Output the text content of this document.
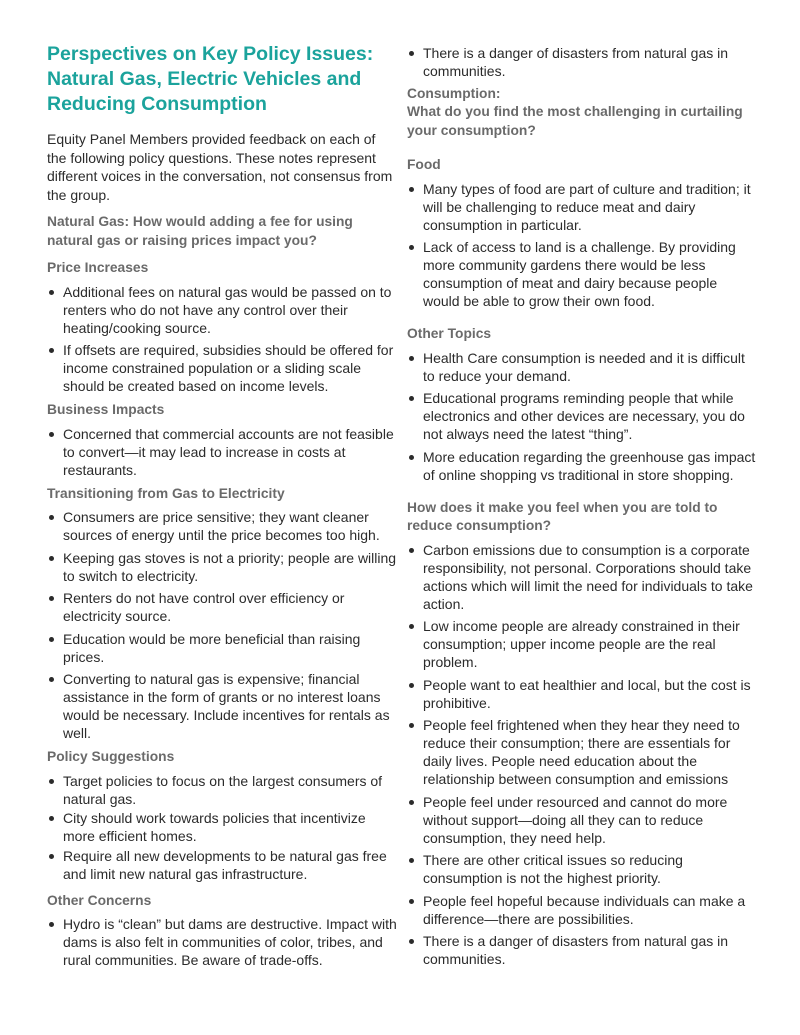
Perspectives on Key Policy Issues: Natural Gas, Electric Vehicles and Reducing Consumption

Equity Panel Members provided feedback on each of the following policy questions. These notes represent different voices in the conversation, not consensus from the group.

Natural Gas: How would adding a fee for using natural gas or raising prices impact you?
Price Increases
Additional fees on natural gas would be passed on to renters who do not have any control over their heating/cooking source.
If offsets are required, subsidies should be offered for income constrained population or a sliding scale should be created based on income levels.
Business Impacts
Concerned that commercial accounts are not feasible to convert—it may lead to increase in costs at restaurants.
Transitioning from Gas to Electricity
Consumers are price sensitive; they want cleaner sources of energy until the price becomes too high.
Keeping gas stoves is not a priority; people are willing to switch to electricity.
Renters do not have control over efficiency or electricity source.
Education would be more beneficial than raising prices.
Converting to natural gas is expensive; financial assistance in the form of grants or no interest loans would be necessary. Include incentives for rentals as well.
Policy Suggestions
Target policies to focus on the largest consumers of natural gas.
City should work towards policies that incentivize more efficient homes.
Require all new developments to be natural gas free and limit new natural gas infrastructure.
Other Concerns
Hydro is “clean” but dams are destructive. Impact with dams is also felt in communities of color, tribes, and rural communities. Be aware of trade-offs.
There is a danger of disasters from natural gas in communities.
Consumption:
What do you find the most challenging in curtailing your consumption?
Food
Many types of food are part of culture and tradition; it will be challenging to reduce meat and dairy consumption in particular.
Lack of access to land is a challenge. By providing more community gardens there would be less consumption of meat and dairy because people would be able to grow their own food.
Other Topics
Health Care consumption is needed and it is difficult to reduce your demand.
Educational programs reminding people that while electronics and other devices are necessary, you do not always need the latest “thing”.
More education regarding the greenhouse gas impact of online shopping vs traditional in store shopping.
How does it make you feel when you are told to reduce consumption?
Carbon emissions due to consumption is a corporate responsibility, not personal. Corporations should take actions which will limit the need for individuals to take action.
Low income people are already constrained in their consumption; upper income people are the real problem.
People want to eat healthier and local, but the cost is prohibitive.
People feel frightened when they hear they need to reduce their consumption; there are essentials for daily lives. People need education about the relationship between consumption and emissions
People feel under resourced and cannot do more without support—doing all they can to reduce consumption, they need help.
There are other critical issues so reducing consumption is not the highest priority.
People feel hopeful because individuals can make a difference—there are possibilities.
There is a danger of disasters from natural gas in communities.
